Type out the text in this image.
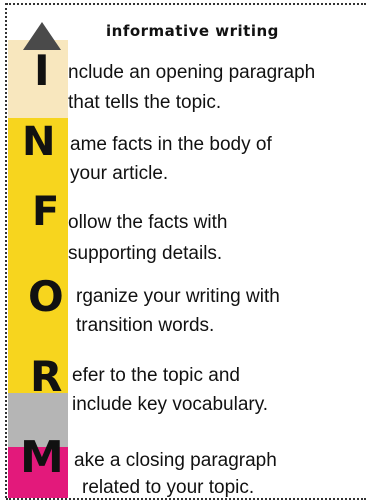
informative writing
I nclude an opening paragraph
that tells the topic.
N ame facts in the body of
your article.
F ollow the facts with
supporting details.
O rganize your writing with
transition words.
R efer to the topic and
include key vocabulary.
M ake a closing paragraph
related to your topic.
